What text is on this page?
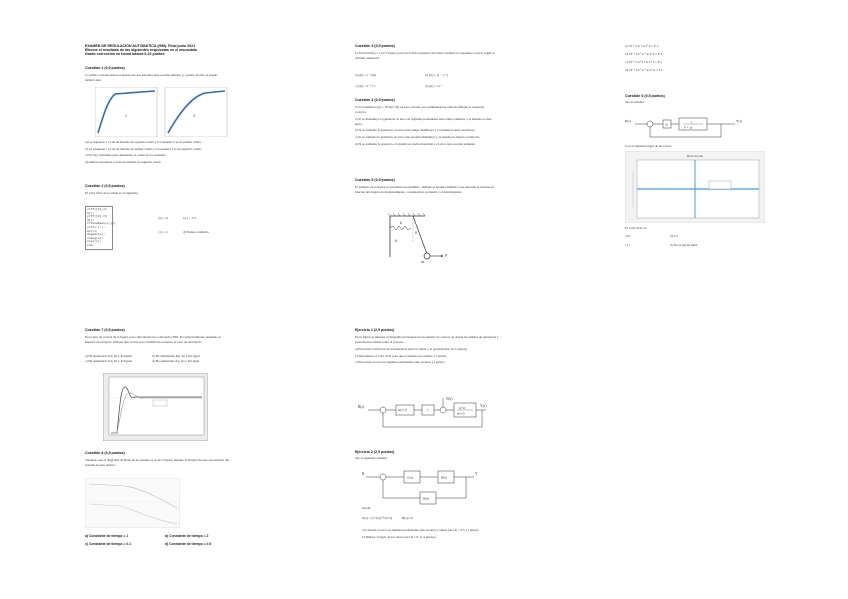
EXAMEN DE REGULACIÓN AUTOMÁTICA (ISM). Final junio 2021
Elimine el resultado de las siguientes respuestas en el enunciado
Grado corrección en forma básica 0-10 puntos
Cuestión 1 (0,5 puntos)
La gráfica corresponde la respuesta de dos sistemas ante escalón unitario y, a partir de ella, se puede deducir que:
1	2

a) La respuesta 1 es de un sistema de segundo orden y la respuesta 2 es de primer orden.

b) La respuesta 1 es de un sistema de primer orden y la respuesta 2 es de segundo orden.

c) No hay suficiente para determinar el orden de los sistemas.

d) Ambas respuestas son de un sistema de segundo orden.

Cuestión 2 (0,5 puntos)
El valor final de la salida es el siguiente:
x=tf([1],[1 1]);
y=tf([2],[1 3]);
z=feedback(x,y);
s=tf('s');
w=z/s;
dcgain(w);
x=dcg(w);
z=ss(x);
end
a) y = 0	b) y = 1/3
c) y = 1	d) Tiende a infinito.
Cuestión 3 (0,5 puntos)
La función F(s) = 1/(s+1) tiene polos en el lado izquierdo del plano. Indique la respuesta correcta según el dominio temporal:
a) y(t) = e⁻ᵗ u(t)	b) y(t) = (1 − e⁻ᵗ)
c) y(t) = e⁻ᵗ + 1	d) y(t) = t e⁻ᵗ
Cuestión 4 (0,5 puntos)
Con el sistema G(s) = 10/(s(s+2)) en lazo cerrado con realimentación unitaria indique la respuesta correcta:

a) Si se disminuye la ganancia, el error en régimen permanente ante rampa aumenta y el sistema es más lento.

b) Si se aumenta la ganancia, el error ante rampa disminuye y el sistema es más oscilatorio.

c) Si se aumenta la ganancia, el error ante escalón disminuye y el sistema es menos oscilatorio.

d) Si se aumenta la ganancia, el sistema se vuelve inestable y el error ante escalón aumenta.

Cuestión 5 (0,5 puntos)
El péndulo de la figura se encuentra en equilibrio. Indique el modelo dinámico que describe el sistema en función del ángulo de desplazamiento, considerando el muelle y el amortiguador.
k
θ
m
F
b
a) J θ̈ + b θ̇ + k a² θ = F L
b) J θ̈ + b L² θ̇ + k a² θ = F L
c) J θ̈ + b a² θ̇ + k L² θ = F a
d) J θ̈ + b L² θ̇ + k L² θ = F L
Cuestión 6 (0,5 puntos)
Sea el sistema:
R(s)
K
1
s² + 2s
Y(s)
Con el siguiente lugar de las raíces:
Root Locus
El valor de K es:
a) 0	b) 0.2
c) 1	d) No se puede saber
Cuestión 7 (0,5 puntos)
En el lazo de control de la figura se ha sintonizado un controlador PID. El comportamiento obtenido se muestra en la figura. Indique qué acción se ha modificado respecto al caso de referencia:
a) Ha aumentado Kp, Ki y Kd igual	b) Ha disminuido Kp, Ki y Kd igual
c) Ha aumentado Kp, Ki y Kd igual	d) Ha aumentado Kp, Ki y Kd igual
Cuestión 8 (0,5 puntos)
Sabiendo que el diagrama de Bode de un sistema es el de la figura, indique el margen de fase aproximado del sistema en lazo abierto:
a) Constante de tiempo = 1	b) Constante de tiempo = 2
c) Constante de tiempo = 0.1	d) Constante de tiempo = 0.5
Ejercicio 1 (2,5 puntos)
En la figura se muestra el diagrama de bloques de un sistema de control, en donde las señales de referencia y perturbación actúan sobre el proceso.

a) Encontrar la función de transferencia entre la salida y la perturbación. (0,5 puntos)

b) Determinar el valor de K para que el sistema sea estable. (1 punto)

c) Encontrar el error en régimen permanente ante escalón. (1 punto)

R(s)
K(s+1)	1
N(s)
(s+2)
s(s+3)
Y(s)
Ejercicio 2 (2,5 puntos)
Sea el siguiente sistema:
R
G(s)	H(s)
Y
H(s)
donde:
G(s) = (s+1)/(s²+4s+3)	H(s)= K

a) Calcular el error en régimen permanente ante escalón y rampa para K = 0.5. (1 punto)

b) Dibujar el lugar de las raíces para K ≥ 0. (1,5 puntos)
